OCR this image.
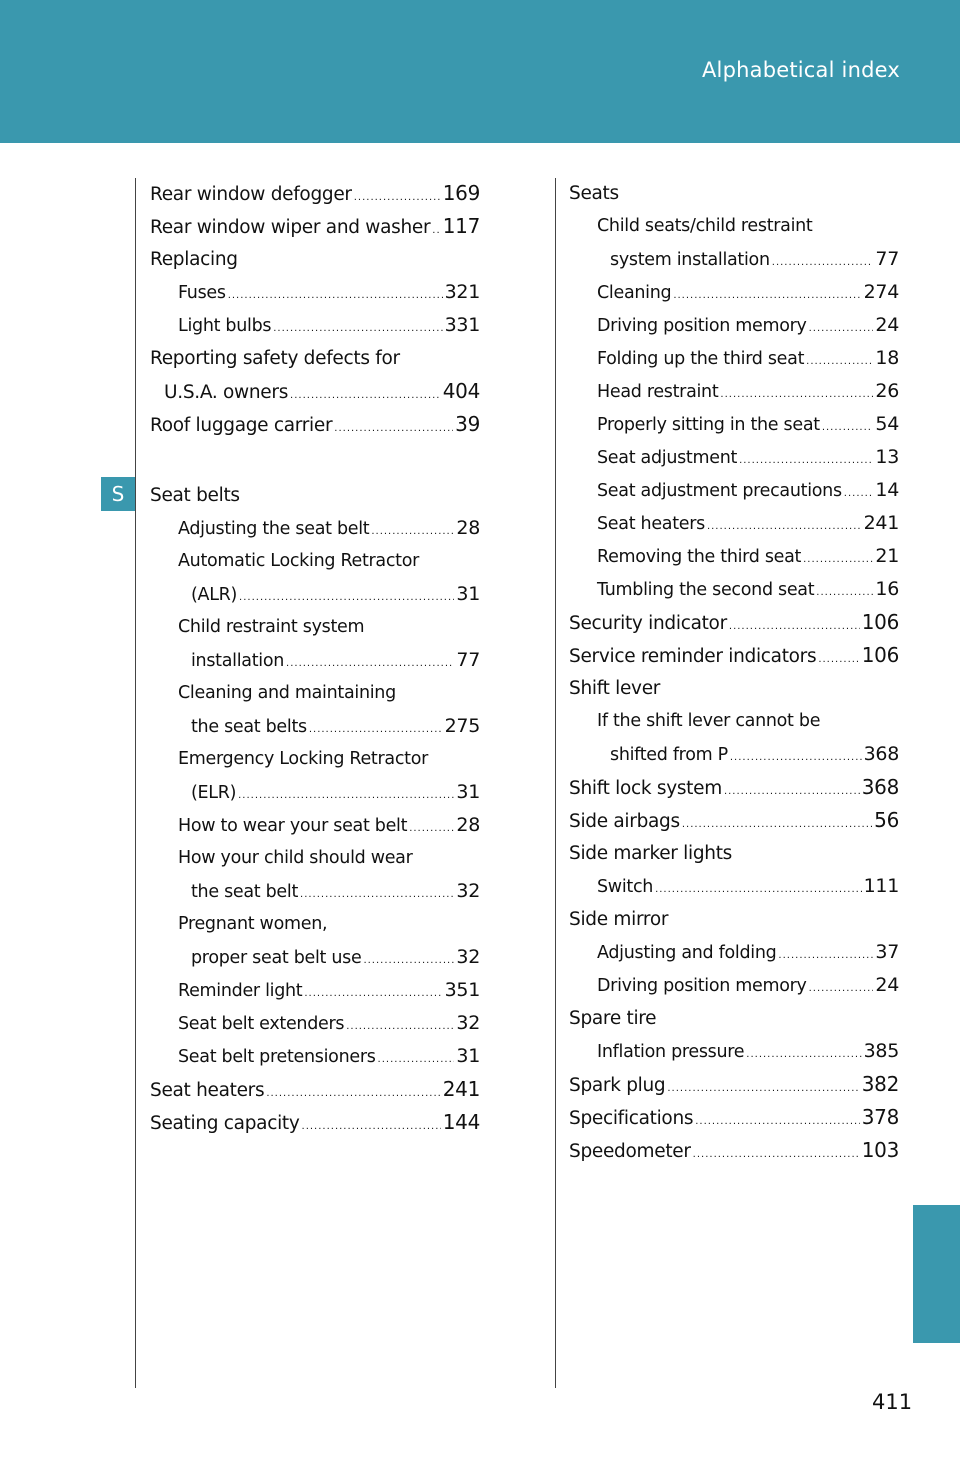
Alphabetical index
S
Rear window defogger .....	169
Rear window wiper and washer ..... 117
Replacing
Fuses .....	321
Light bulbs .....	331
Reporting safety defects for
U.S.A. owners .....	404
Roof luggage carrier .....	39
Seat belts
Adjusting the seat belt .....	28
Automatic Locking Retractor
(ALR) .....	31
Child restraint system
installation .....	77
Cleaning and maintaining
the seat belts .....	275
Emergency Locking Retractor
(ELR) .....	31
How to wear your seat belt .....	28
How your child should wear
the seat belt .....	32
Pregnant women,
proper seat belt use .....	32
Reminder light .....	351
Seat belt extenders .....	32
Seat belt pretensioners .....	31
Seat heaters .....	241
Seating capacity .....	144
Seats
Child seats/child restraint
system installation .....	77
Cleaning .....	274
Driving position memory .....	24
Folding up the third seat .....	18
Head restraint .....	26
Properly sitting in the seat .....	54
Seat adjustment .....	13
Seat adjustment precautions ..... 14
Seat heaters .....	241
Removing the third seat .....	21
Tumbling the second seat .....	16
Security indicator .....	106
Service reminder indicators ..... 106
Shift lever
If the shift lever cannot be
shifted from P .....	368
Shift lock system .....	368
Side airbags .....	56
Side marker lights
Switch .....	111
Side mirror
Adjusting and folding .....	37
Driving position memory .....	24
Spare tire
Inflation pressure .....	385
Spark plug .....	382
Specifications .....	378
Speedometer .....	103
411
